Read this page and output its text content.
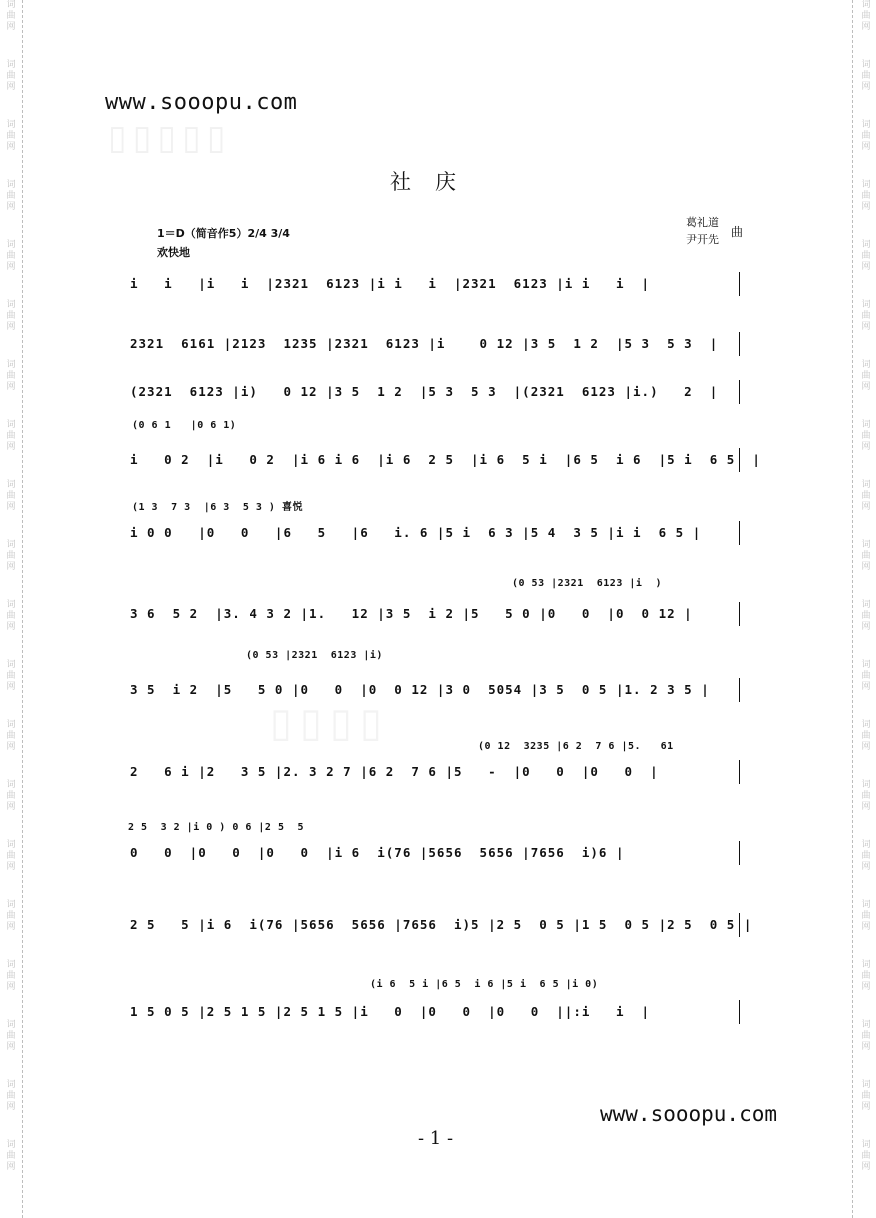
词
曲
网
词
曲
网
词
曲
网
词
曲
网
词
曲
网
词
曲
网
词
曲
网
词
曲
网
词
曲
网
词
曲
网
词
曲
网
词
曲
网
词
曲
网
词
曲
网
词
曲
网
词
曲
网
词
曲
网
词
曲
网
词
曲
网
词
曲
网
词
曲
网
词
曲
网
词
曲
网
词
曲
网
词
曲
网
词
曲
网
词
曲
网
词
曲
网
词
曲
网
词
曲
网
词
曲
网
词
曲
网
词
曲
网
词
曲
网
词
曲
网
词
曲
网
词
曲
网
词
曲
网
词
曲
网
词
曲
网
www.sooopu.com
▯▯▯▯▯
▯▯▯▯
社庆
葛礼道
尹开先
曲
1＝D（简音作5）2/4 3/4
欢快地
i   i   |i   i  |2321  6123 |i i   i  |2321  6123 |i i   i  |
2321  6161 |2123  1235 |2321  6123 |i    0 12 |3 5  1 2  |5 3  5 3  |
(2321  6123 |i)   0 12 |3 5  1 2  |5 3  5 3  |(2321  6123 |i.)   2  |
(0 6 1   |0 6 1)
i   0 2  |i   0 2  |i 6 i 6  |i 6  2 5  |i 6  5 i  |6 5  i 6  |5 i  6 5  |
(1 3  7 3  |6 3  5 3 ) 喜悦
i 0 0   |0   0   |6   5   |6   i. 6 |5 i  6 3 |5 4  3 5 |i i  6 5 |
(0 53 |2321  6123 |i  )
3 6  5 2  |3. 4 3 2 |1.   12 |3 5  i 2 |5   5 0 |0   0  |0  0 12 |
(0 53 |2321  6123 |i)
3 5  i 2  |5   5 0 |0   0  |0  0 12 |3 0  5054 |3 5  0 5 |1. 2 3 5 |
(0 12  3235 |6 2  7 6 |5.   61
2   6 i |2   3 5 |2. 3 2 7 |6 2  7 6 |5   -  |0   0  |0   0  |
2 5  3 2 |i 0 ) 0 6 |2 5  5
0   0  |0   0  |0   0  |i 6  i(76 |5656  5656 |7656  i)6 |
2 5   5 |i 6  i(76 |5656  5656 |7656  i)5 |2 5  0 5 |1 5  0 5 |2 5  0 5 |
(i 6  5 i |6 5  i 6 |5 i  6 5 |i 0)
1 5 0 5 |2 5 1 5 |2 5 1 5 |i   0  |0   0  |0   0  ||:i   i  |
www.sooopu.com
- 1 -
